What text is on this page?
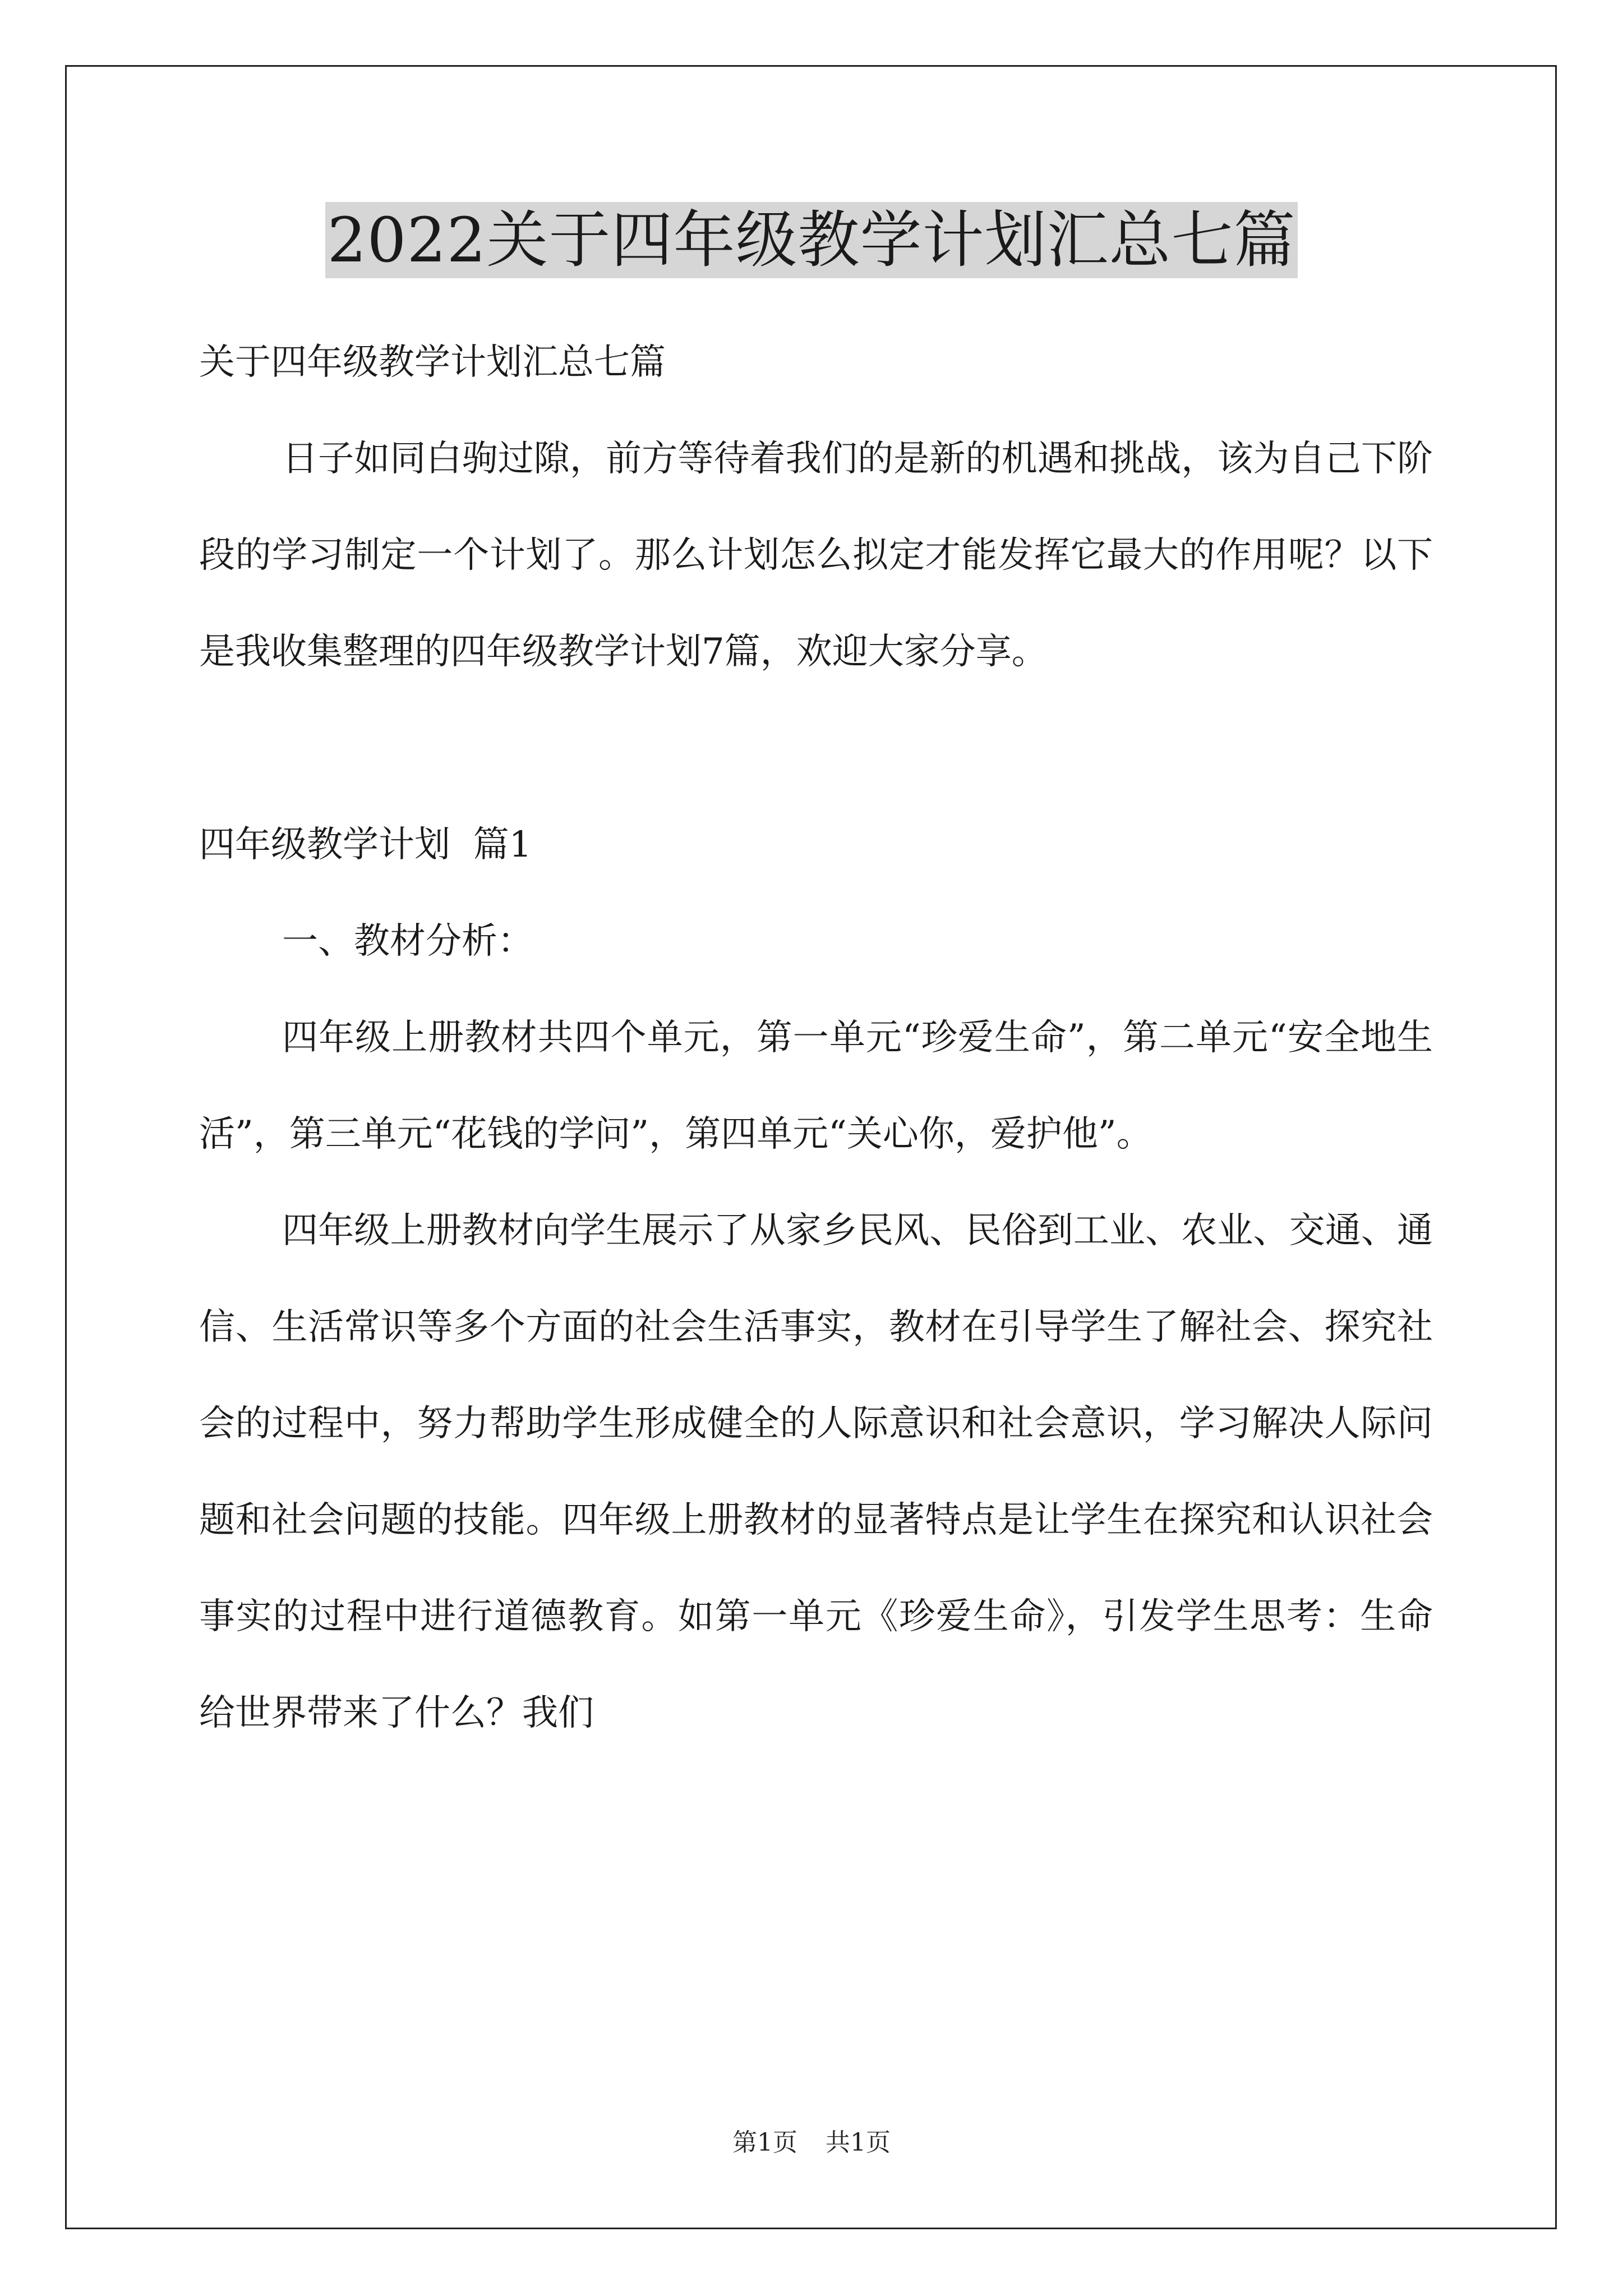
2022关于四年级教学计划汇总七篇

关于四年级教学计划汇总七篇

日子如同白驹过隙，前方等待着我们的是新的机遇和挑战，该为自己下阶段的学习制定一个计划了。那么计划怎么拟定才能发挥它最大的作用呢？以下是我收集整理的四年级教学计划7篇，欢迎大家分享。

四年级教学计划  篇1

一、教材分析：

四年级上册教材共四个单元，第一单元“珍爱生命”，第二单元“安全地生活”，第三单元“花钱的学问”，第四单元“关心你，爱护他”。

四年级上册教材向学生展示了从家乡民风、民俗到工业、农业、交通、通信、生活常识等多个方面的社会生活事实，教材在引导学生了解社会、探究社会的过程中，努力帮助学生形成健全的人际意识和社会意识，学习解决人际问题和社会问题的技能。四年级上册教材的显著特点是让学生在探究和认识社会事实的过程中进行道德教育。如第一单元《珍爱生命》，引发学生思考：生命给世界带来了什么？我们

第1页 共1页
